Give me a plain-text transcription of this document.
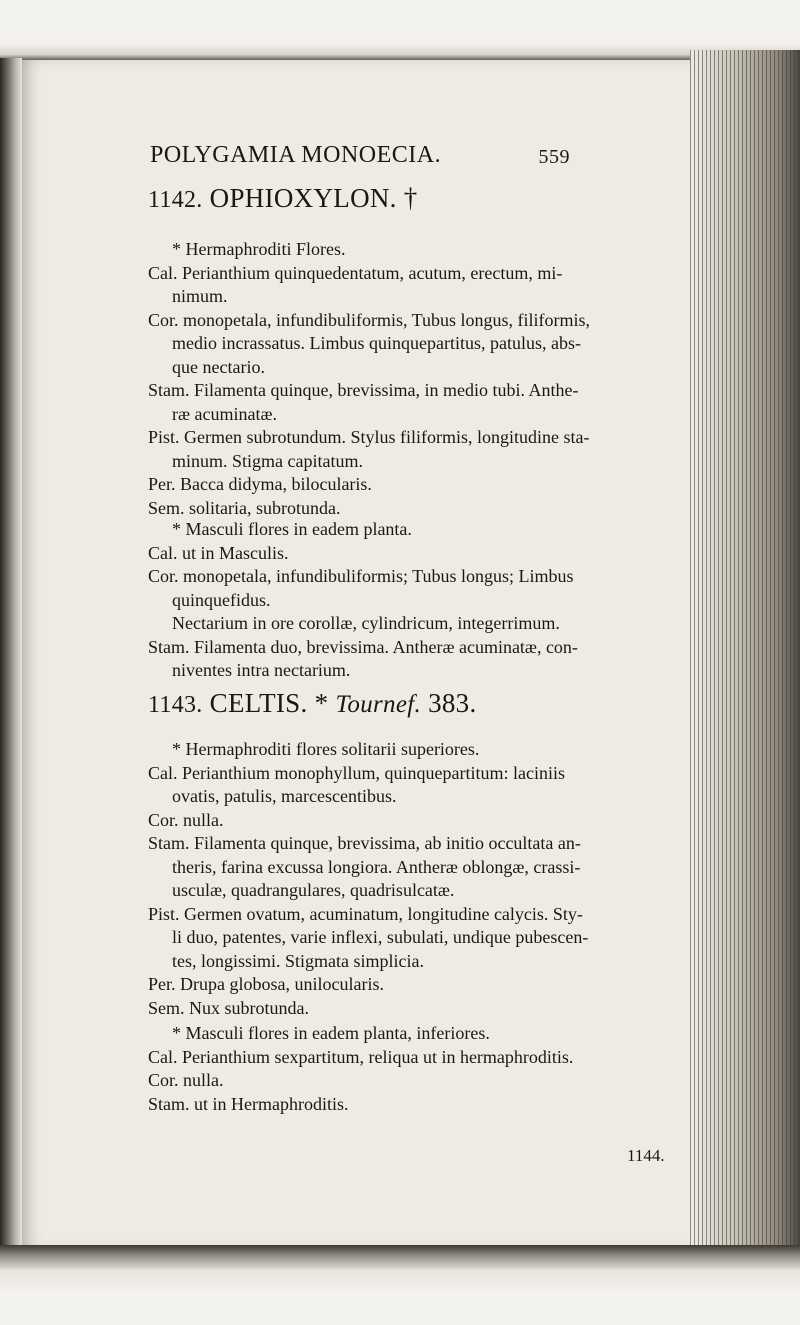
POLYGAMIA MONOECIA.	559

1142. OPHIOXYLON. †

* Hermaphroditi Flores.
Cal. Perianthium quinquedentatum, acutum, erectum, mi-
nimum.
Cor. monopetala, infundibuliformis, Tubus longus, filiformis,
medio incrassatus. Limbus quinquepartitus, patulus, abs-
que nectario.
Stam. Filamenta quinque, brevissima, in medio tubi. Anthe-
ræ acuminatæ.
Pist. Germen subrotundum. Stylus filiformis, longitudine sta-
minum. Stigma capitatum.
Per. Bacca didyma, bilocularis.
Sem. solitaria, subrotunda.
* Masculi flores in eadem planta.
Cal. ut in Masculis.
Cor. monopetala, infundibuliformis; Tubus longus; Limbus
quinquefidus.
Nectarium in ore corollæ, cylindricum, integerrimum.
Stam. Filamenta duo, brevissima. Antheræ acuminatæ, con-
niventes intra nectarium.

1143. CELTIS. * Tournef. 383.

* Hermaphroditi flores solitarii superiores.
Cal. Perianthium monophyllum, quinquepartitum: laciniis
ovatis, patulis, marcescentibus.
Cor. nulla.
Stam. Filamenta quinque, brevissima, ab initio occultata an-
theris, farina excussa longiora. Antheræ oblongæ, crassi-
usculæ, quadrangulares, quadrisulcatæ.
Pist. Germen ovatum, acuminatum, longitudine calycis. Sty-
li duo, patentes, varie inflexi, subulati, undique pubescen-
tes, longissimi. Stigmata simplicia.
Per. Drupa globosa, unilocularis.
Sem. Nux subrotunda.
* Masculi flores in eadem planta, inferiores.
Cal. Perianthium sexpartitum, reliqua ut in hermaphroditis.
Cor. nulla.
Stam. ut in Hermaphroditis.
1144.
